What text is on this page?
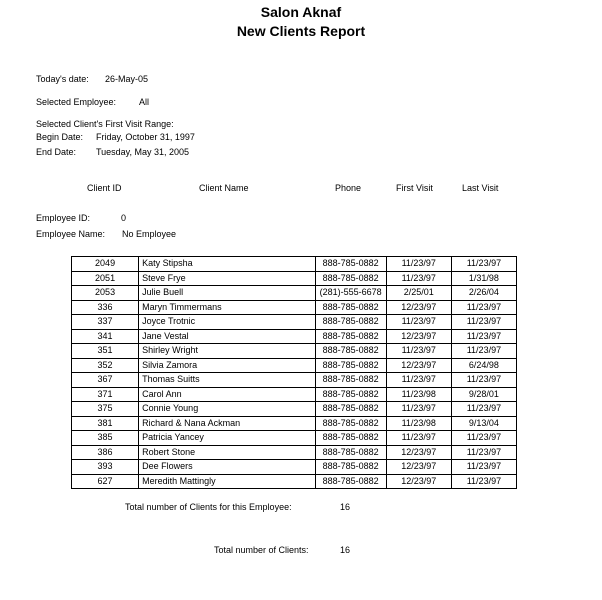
Salon Aknaf
New Clients Report
Today's date: 26-May-05
Selected Employee:	All
Selected Client's First Visit Range:
Begin Date: Friday, October 31, 1997
End Date: Tuesday, May 31, 2005
Client ID	Client Name	Phone	First Visit	Last Visit
Employee ID:	0
Employee Name: No Employee
2049	Katy Stipsha	888-785-0882	11/23/97	11/23/97
2051	Steve Frye	888-785-0882	11/23/97	1/31/98
2053	Julie Buell	(281)-555-6678	2/25/01	2/26/04
336	Maryn Timmermans	888-785-0882	12/23/97	11/23/97
337	Joyce Trotnic	888-785-0882	11/23/97	11/23/97
341	Jane Vestal	888-785-0882	12/23/97	11/23/97
351	Shirley Wright	888-785-0882	11/23/97	11/23/97
352	Silvia Zamora	888-785-0882	12/23/97	6/24/98
367	Thomas Suitts	888-785-0882	11/23/97	11/23/97
371	Carol Ann	888-785-0882	11/23/98	9/28/01
375	Connie Young	888-785-0882	11/23/97	11/23/97
381	Richard & Nana Ackman	888-785-0882	11/23/98	9/13/04
385	Patricia Yancey	888-785-0882	11/23/97	11/23/97
386	Robert Stone	888-785-0882	12/23/97	11/23/97
393	Dee Flowers	888-785-0882	12/23/97	11/23/97
627	Meredith Mattingly	888-785-0882	12/23/97	11/23/97
Total number of Clients for this Employee:	16
Total number of Clients:	16
